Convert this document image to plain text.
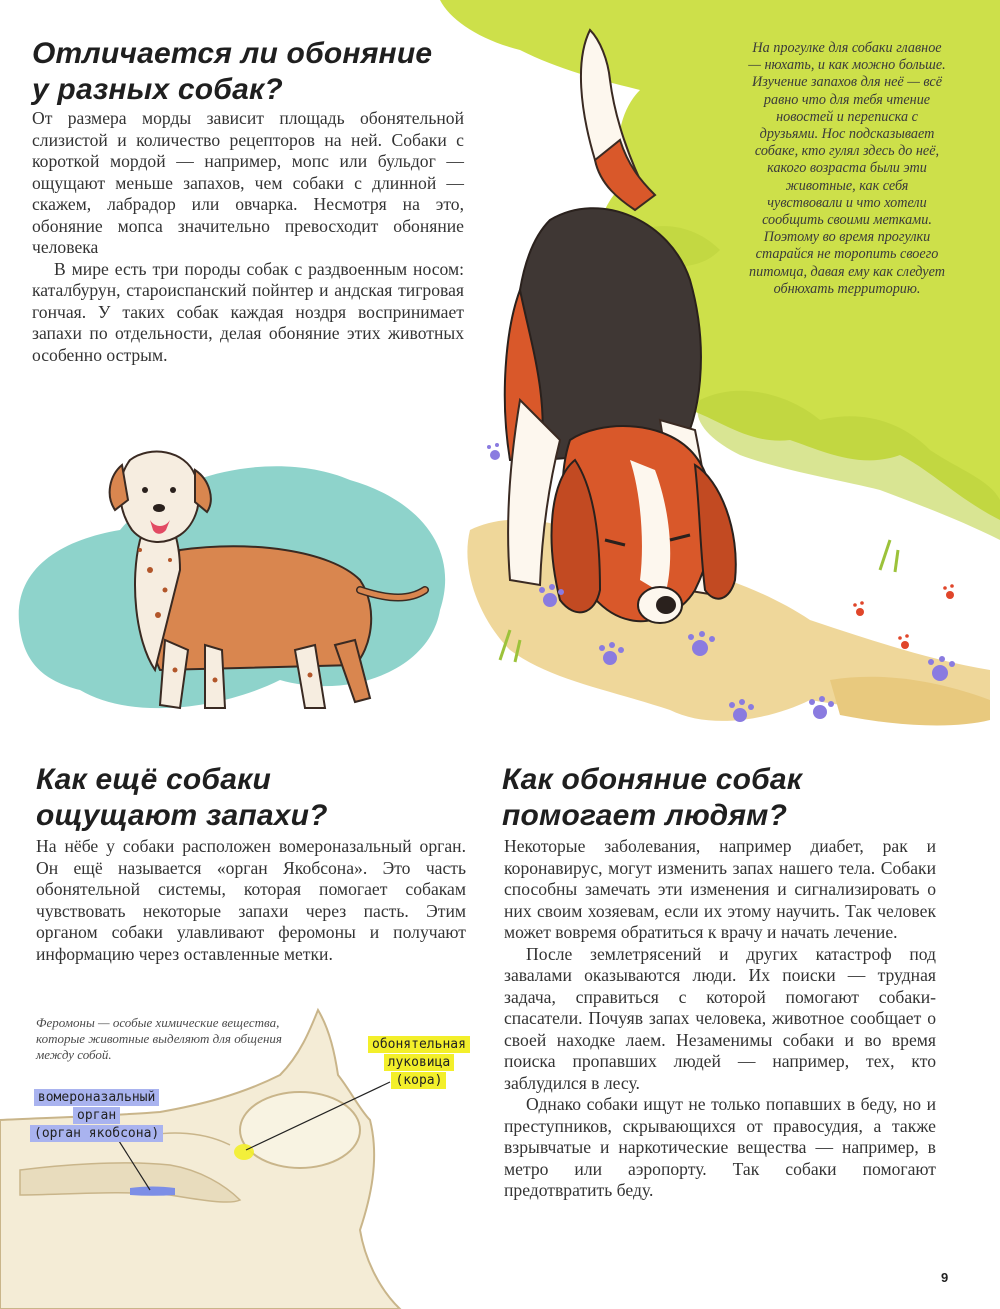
Отличается ли обоняние
у разных собак?

От размера морды зависит площадь обонятельной слизистой и количество рецепторов на ней. Собаки с короткой мордой — например, мопс или бульдог — ощущают меньше запахов, чем собаки с длинной — скажем, лабрадор или овчарка. Несмотря на это, обоняние мопса значительно превосходит обоняние человека

В мире есть три породы собак с раздвоенным носом: каталбурун, староиспанский пойнтер и андская тигровая гончая. У таких собак каждая ноздря воспринимает запахи по отдельности, делая обоняние этих животных особенно острым.

На прогулке для собаки главное — нюхать, и как можно больше. Изучение запахов для неё — всё равно что для тебя чтение новостей и переписка с друзьями. Нос подсказывает собаке, кто гулял здесь до неё, какого возраста были эти животные, как себя чувствовали и что хотели сообщить своими метками. Поэтому во время прогулки старайся не торопить своего питомца, давая ему как следует обнюхать территорию.
Как ещё собаки
ощущают запахи?

На нёбе у собаки расположен вомероназальный орган. Он ещё называется «орган Якобсона». Это часть обонятельной системы, которая помогает собакам чувствовать некоторые запахи через пасть. Этим органом собаки улавливают феромоны и получают информацию через оставленные метки.

Феромоны — особые химические вещества, которые животные выделяют для общения между собой.
обонятельная
луковица
(кора)
вомероназальный
орган
(орган якобсона)
Как обоняние собак
помогает людям?

Некоторые заболевания, например диабет, рак и коронавирус, могут изменить запах нашего тела. Собаки способны замечать эти изменения и сигнализировать о них своим хозяевам, если их этому научить. Так человек может вовремя обратиться к врачу и начать лечение.

После землетрясений и других катастроф под завалами оказываются люди. Их поиски — трудная задача, справиться с которой помогают собаки-спасатели. Почуяв запах человека, животное сообщает о своей находке лаем. Незаменимы собаки и во время поиска пропавших людей — например, тех, кто заблудился в лесу.

Однако собаки ищут не только попавших в беду, но и преступников, скрывающихся от правосудия, а также взрывчатые и наркотические вещества — например, в метро или аэропорту. Так собаки помогают предотвратить беду.

9
